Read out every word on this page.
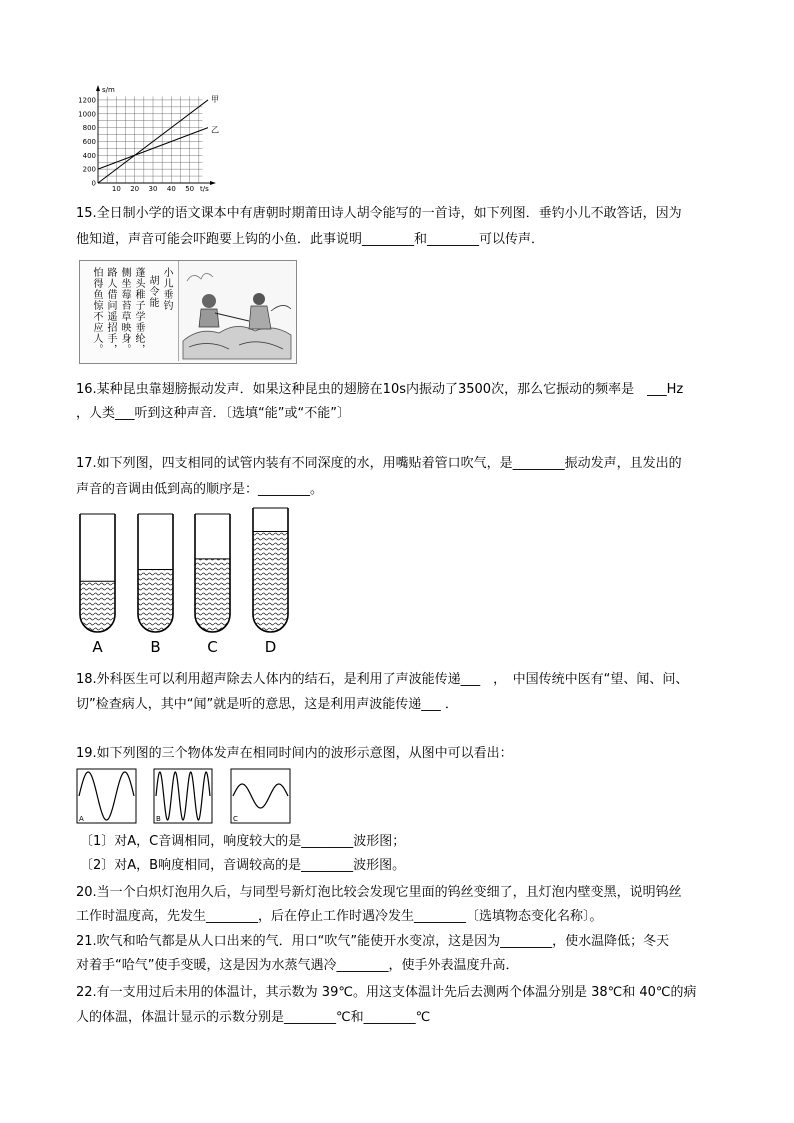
s/m
t/s
0
200
400
600
800
1000
1200
10 20 30 40 50
甲
乙
15.全日制小学的语文课本中有唐朝时期莆田诗人胡令能写的一首诗，如下列图．垂钓小儿不敢答话，因为
他知道，声音可能会吓跑要上钩的小鱼．此事说明________和________可以传声．
小儿垂钓
胡令能
蓬头稚子学垂纶，
侧坐莓苔草映身。
路人借问遥招手，
怕得鱼惊不应人。
16.某种昆虫靠翅膀振动发声．如果这种昆虫的翅膀在10s内振动了3500次，那么它振动的频率是　___Hz
，人类___听到这种声音．〔选填“能”或“不能”〕
17.如下列图，四支相同的试管内装有不同深度的水，用嘴贴着管口吹气，是________振动发声，且发出的
声音的音调由低到高的顺序是：________。
A	B	C	D
18.外科医生可以利用超声除去人体内的结石，是利用了声波能传递___　，　中国传统中医有“望、闻、问、
切”检查病人，其中“闻”就是听的意思，这是利用声波能传递___ ．
19.如下列图的三个物体发声在相同时间内的波形示意图，从图中可以看出：
A	B	C
〔1〕对A，C音调相同，响度较大的是________波形图；
〔2〕对A，B响度相同，音调较高的是________波形图。
20.当一个白炽灯泡用久后，与同型号新灯泡比较会发现它里面的钨丝变细了，且灯泡内壁变黑，说明钨丝
工作时温度高，先发生________，后在停止工作时遇冷发生________〔选填物态变化名称〕。
21.吹气和哈气都是从人口出来的气．用口“吹气”能使开水变凉，这是因为________，使水温降低；冬天
对着手“哈气”使手变暖，这是因为水蒸气遇冷________，使手外表温度升高．
22.有一支用过后未用的体温计，其示数为 39℃。用这支体温计先后去测两个体温分别是 38℃和 40℃的病
人的体温，体温计显示的示数分别是________℃和________℃
